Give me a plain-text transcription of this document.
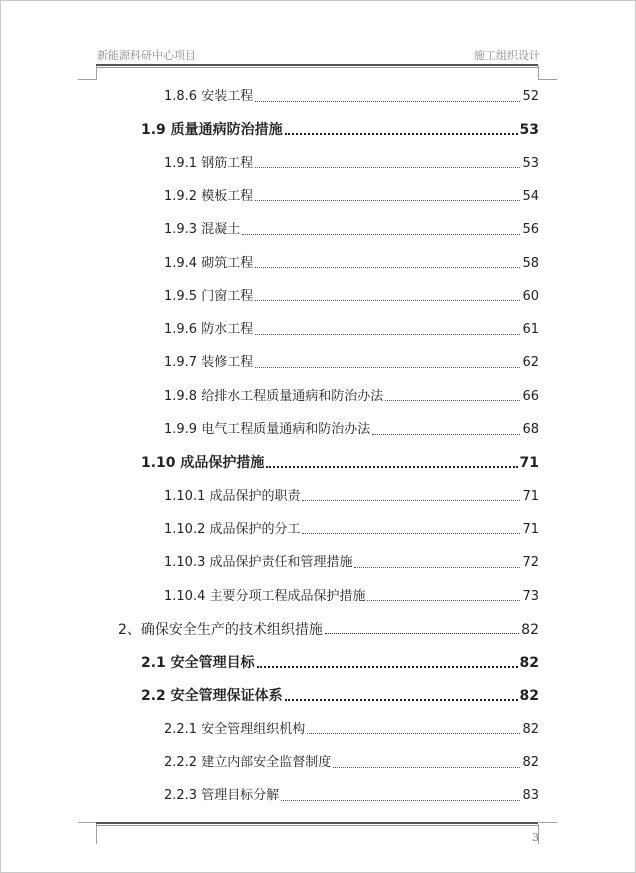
新能源科研中心项目	施工组织设计
1.8.6 安装工程	52
1.9 质量通病防治措施	53
1.9.1 钢筋工程	53
1.9.2 模板工程	54
1.9.3 混凝土	56
1.9.4 砌筑工程	58
1.9.5 门窗工程	60
1.9.6 防水工程	61
1.9.7 装修工程	62
1.9.8 给排水工程质量通病和防治办法	66
1.9.9 电气工程质量通病和防治办法	68
1.10 成品保护措施	71
1.10.1 成品保护的职责	71
1.10.2 成品保护的分工	71
1.10.3 成品保护责任和管理措施	72
1.10.4 主要分项工程成品保护措施	73
2、确保安全生产的技术组织措施	82
2.1 安全管理目标	82
2.2 安全管理保证体系	82
2.2.1 安全管理组织机构	82
2.2.2 建立内部安全监督制度	82
2.2.3 管理目标分解	83
3
